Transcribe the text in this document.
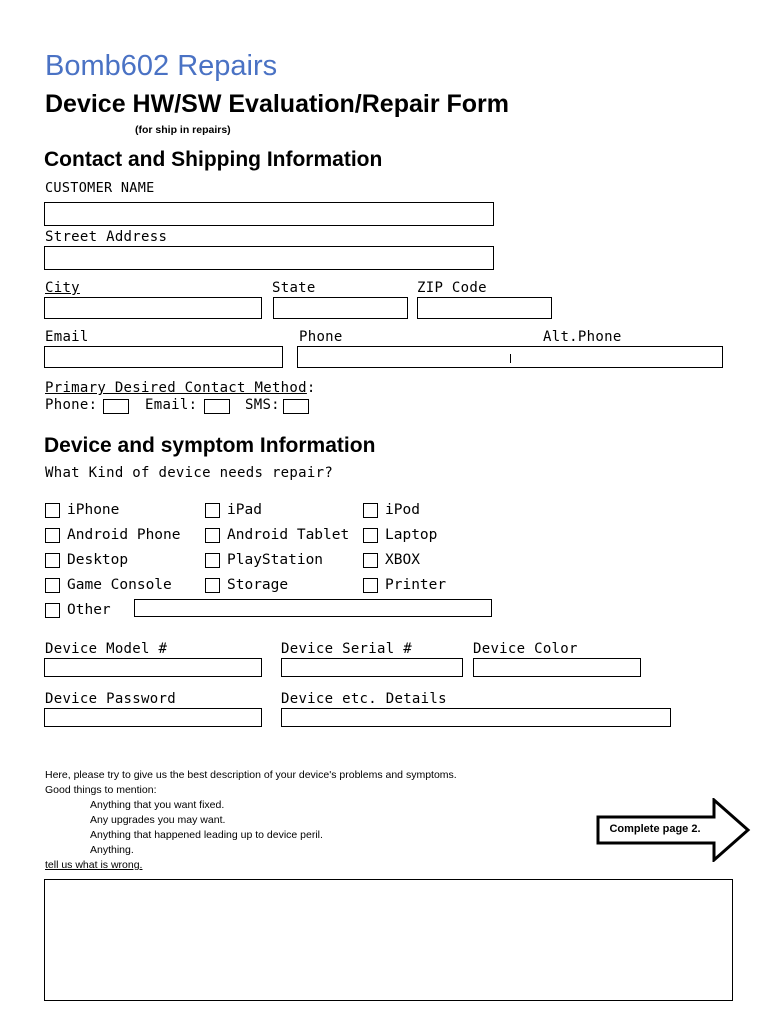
Bomb602 Repairs
Device HW/SW Evaluation/Repair Form
(for ship in repairs)
Contact and Shipping Information
CUSTOMER NAME
Street Address
City	State	ZIP Code
Email	Phone	Alt.Phone
Primary Desired Contact Method:
Phone:	Email:	SMS:
Device and symptom Information
What Kind of device needs repair?
iPhone
Android Phone
Desktop
Game Console
Other
iPad
Android Tablet
PlayStation
Storage
iPod
Laptop
XBOX
Printer
Device Model #	Device Serial #	Device Color
Device Password	Device etc. Details
Here, please try to give us the best description of your device's problems and symptoms.
Good things to mention:
Anything that you want fixed.
Any upgrades you may want.
Anything that happened leading up to device peril.
Anything.
tell us what is wrong.
Complete page 2.
